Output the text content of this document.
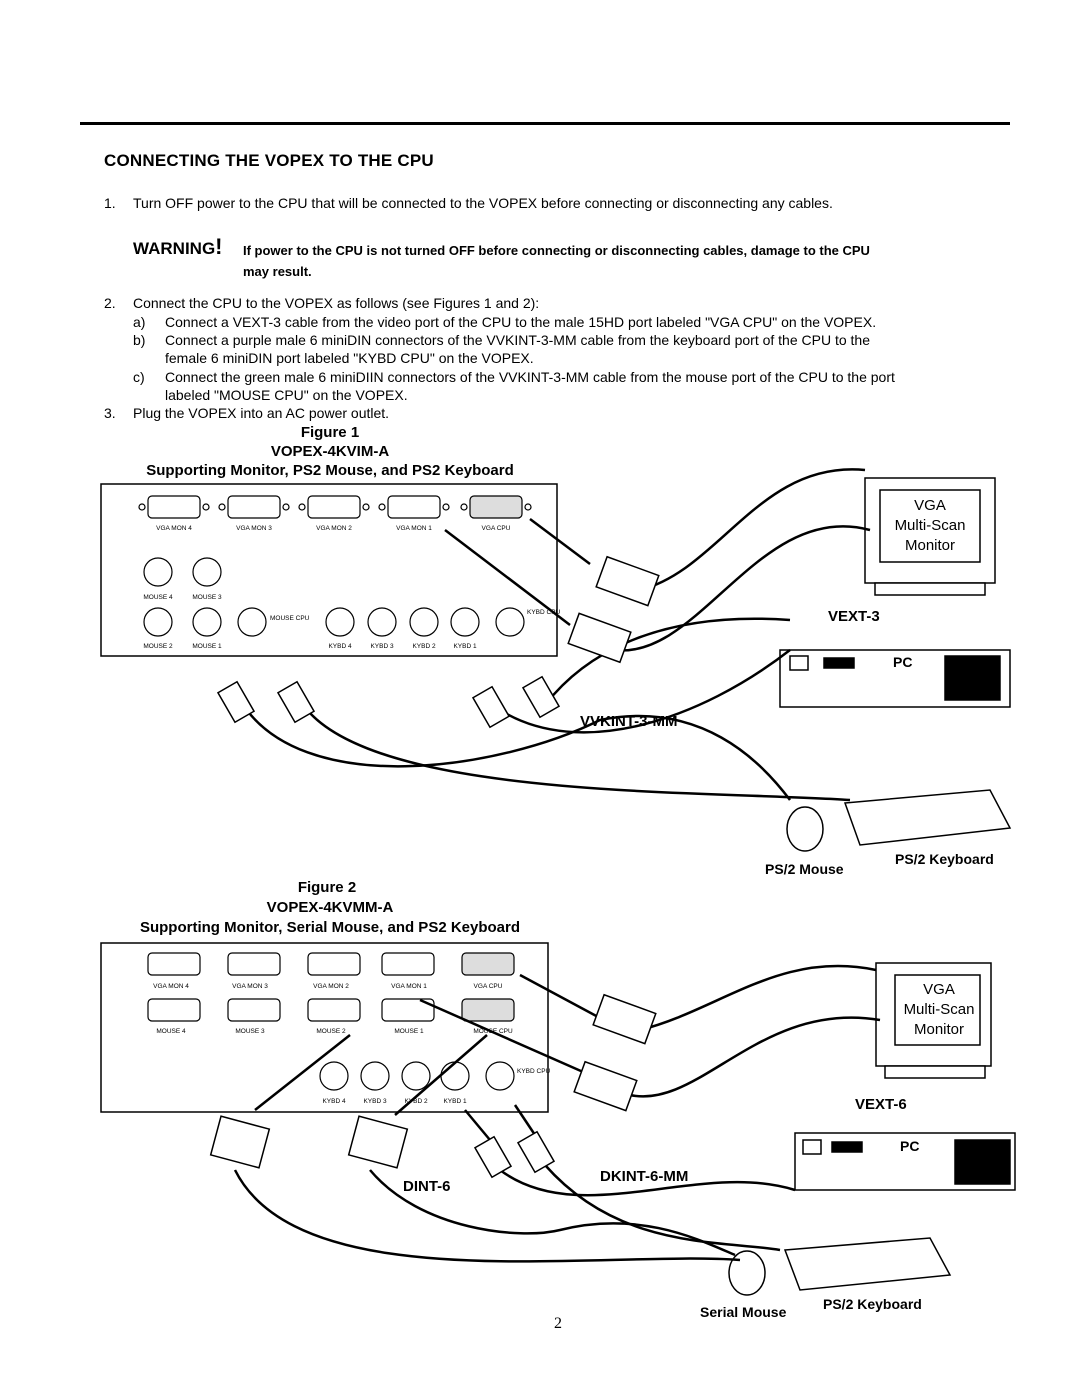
CONNECTING THE VOPEX TO THE CPU
1. Turn OFF power to the CPU that will be connected to the VOPEX before connecting or disconnecting any cables.
WARNING! If power to the CPU is not turned OFF before connecting or disconnecting cables, damage to the CPU
may result.
2. Connect the CPU to the VOPEX as follows (see Figures 1 and 2):
a) Connect a VEXT-3 cable from the video port of the CPU to the male 15HD port labeled "VGA CPU" on the VOPEX.
b) Connect a purple male 6 miniDIN connectors of the VVKINT-3-MM cable from the keyboard port of the CPU to the
female 6 miniDIN port labeled "KYBD CPU" on the VOPEX.
c) Connect the green male 6 miniDIIN connectors of the VVKINT-3-MM cable from the mouse port of the CPU to the port
labeled "MOUSE CPU" on the VOPEX.
3. Plug the VOPEX into an AC power outlet.
Figure 1
VOPEX-4KVIM-A
Supporting Monitor, PS2 Mouse, and PS2 Keyboard
VGA MON 4	VGA MON 3	VGA MON 2	VGA MON 1	VGA CPU
MOUSE 4	MOUSE 3
MOUSE 2	MOUSE 1
MOUSE CPU
KYBD 4	KYBD 3	KYBD 2	KYBD 1
KYBD CPU
VGA
Multi-Scan
Monitor
VEXT-3
PC
VVKINT-3-MM
PS/2 Mouse
PS/2 Keyboard
Figure 2
VOPEX-4KVMM-A
Supporting Monitor, Serial Mouse, and PS2 Keyboard
VGA MON 4	VGA MON 3	VGA MON 2	VGA MON 1	VGA CPU
MOUSE 4	MOUSE 3	MOUSE 2	MOUSE 1	MOUSE CPU
KYBD 4	KYBD 3	KYBD 2 KYBD 1
KYBD CPU
VGA
Multi-Scan
Monitor
VEXT-6
PC
DINT-6
DKINT-6-MM
Serial Mouse	PS/2 Keyboard
2
